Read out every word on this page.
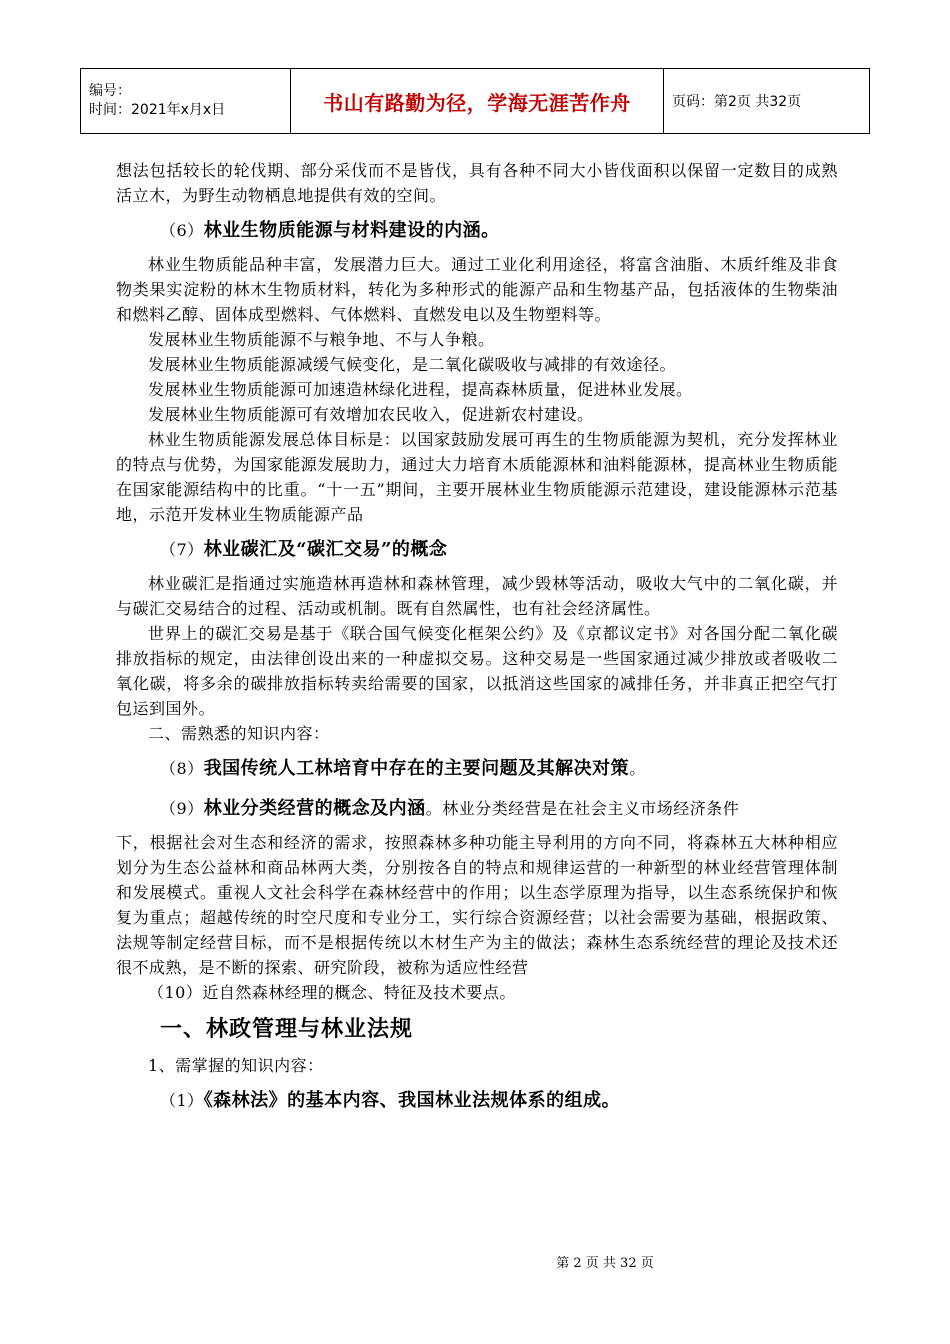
编号：
时间：2021年x月x日	书山有路勤为径，学海无涯苦作舟	页码：第2页 共32页

想法包括较长的轮伐期、部分采伐而不是皆伐，具有各种不同大小皆伐面积以保留一定数目的成熟活立木，为野生动物栖息地提供有效的空间。

（6）林业生物质能源与材料建设的内涵。

林业生物质能品种丰富，发展潜力巨大。通过工业化利用途径，将富含油脂、木质纤维及非食物类果实淀粉的林木生物质材料，转化为多种形式的能源产品和生物基产品，包括液体的生物柴油和燃料乙醇、固体成型燃料、气体燃料、直燃发电以及生物塑料等。

发展林业生物质能源不与粮争地、不与人争粮。

发展林业生物质能源减缓气候变化，是二氧化碳吸收与减排的有效途径。

发展林业生物质能源可加速造林绿化进程，提高森林质量，促进林业发展。

发展林业生物质能源可有效增加农民收入，促进新农村建设。

林业生物质能源发展总体目标是：以国家鼓励发展可再生的生物质能源为契机，充分发挥林业的特点与优势，为国家能源发展助力，通过大力培育木质能源林和油料能源林，提高林业生物质能在国家能源结构中的比重。“十一五”期间，主要开展林业生物质能源示范建设，建设能源林示范基地，示范开发林业生物质能源产品

（7）林业碳汇及“碳汇交易”的概念

林业碳汇是指通过实施造林再造林和森林管理，减少毁林等活动，吸收大气中的二氧化碳，并与碳汇交易结合的过程、活动或机制。既有自然属性，也有社会经济属性。

世界上的碳汇交易是基于《联合国气候变化框架公约》及《京都议定书》对各国分配二氧化碳排放指标的规定，由法律创设出来的一种虚拟交易。这种交易是一些国家通过减少排放或者吸收二氧化碳，将多余的碳排放指标转卖给需要的国家，以抵消这些国家的减排任务，并非真正把空气打包运到国外。

二、需熟悉的知识内容：

（8）我国传统人工林培育中存在的主要问题及其解决对策。

（9）林业分类经营的概念及内涵。林业分类经营是在社会主义市场经济条件

下，根据社会对生态和经济的需求，按照森林多种功能主导利用的方向不同，将森林五大林种相应划分为生态公益林和商品林两大类，分别按各自的特点和规律运营的一种新型的林业经营管理体制和发展模式。重视人文社会科学在森林经营中的作用；以生态学原理为指导，以生态系统保护和恢复为重点；超越传统的时空尺度和专业分工，实行综合资源经营；以社会需要为基础，根据政策、法规等制定经营目标，而不是根据传统以木材生产为主的做法；森林生态系统经营的理论及技术还很不成熟，是不断的探索、研究阶段，被称为适应性经营

（10）近自然森林经理的概念、特征及技术要点。

一、林政管理与林业法规

1、需掌握的知识内容：

（1）《森林法》的基本内容、我国林业法规体系的组成。

第 2 页 共 32 页
